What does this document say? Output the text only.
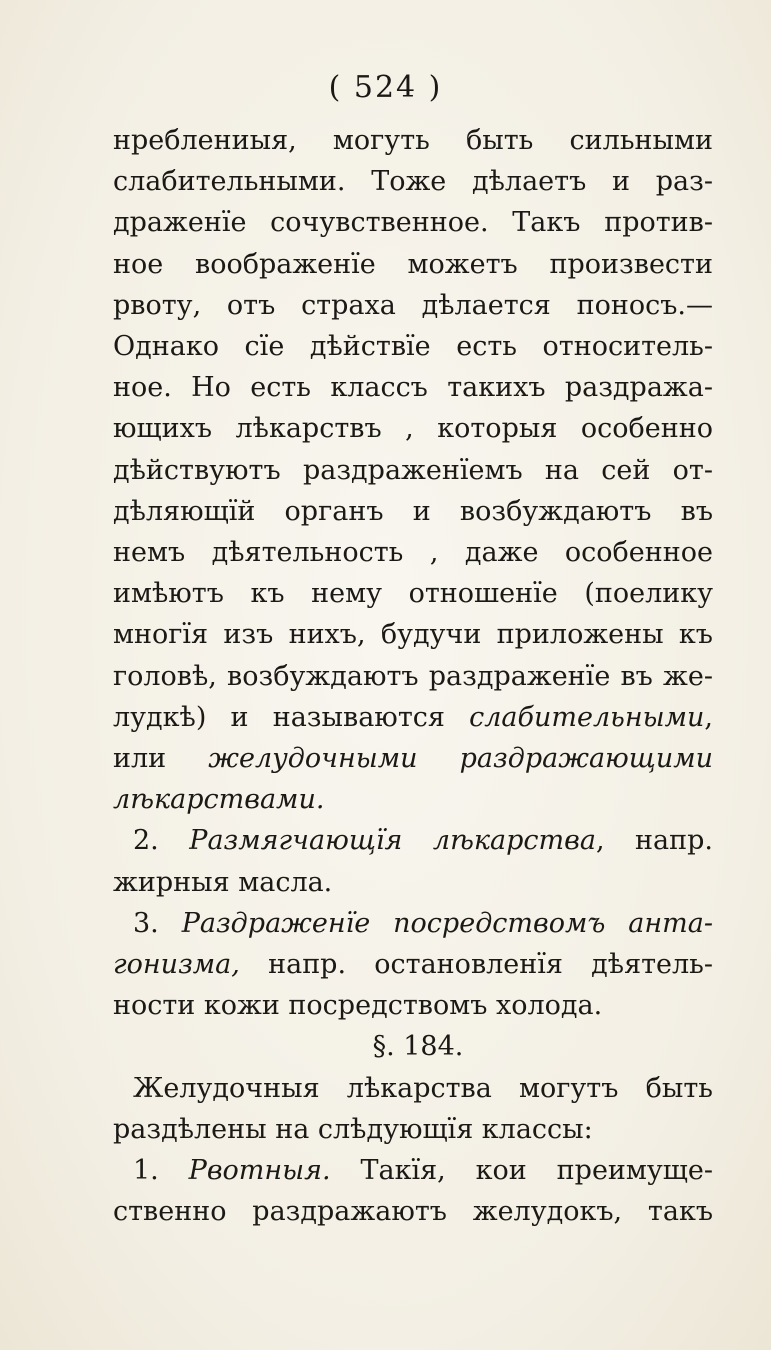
( 524 )
нреблениыя, могуть быть сильными
слабительными. Тоже дѣлаетъ и раз-
драженїе сочувственное. Такъ против-
ное воображенїе можетъ произвести
рвоту, отъ страха дѣлается поносъ.—
Однако сїе дѣйствїе есть относитель-
ное. Но есть классъ такихъ раздража-
ющихъ лѣкарствъ , которыя особенно
дѣйствуютъ раздраженїемъ на сей от-
дѣляющїй органъ и возбуждаютъ въ
немъ дѣятельность , даже особенное
имѣютъ къ нему отношенїе (поелику
многїя изъ нихъ, будучи приложены къ
головѣ, возбуждаютъ раздраженїе въ же-
лудкѣ) и называются слабительными,
или желудочными раздражающими
лѣкарствами.
2. Размягчающїя лѣкарства, напр.
жирныя масла.
3. Раздраженїе посредствомъ анта-
гонизма, напр. остановленїя дѣятель-
ности кожи посредствомъ холода.
§. 184.
Желудочныя лѣкарства могутъ быть
раздѣлены на слѣдующїя классы:
1. Рвотныя. Такїя, кои преимуще-
ственно раздражаютъ желудокъ, такъ
